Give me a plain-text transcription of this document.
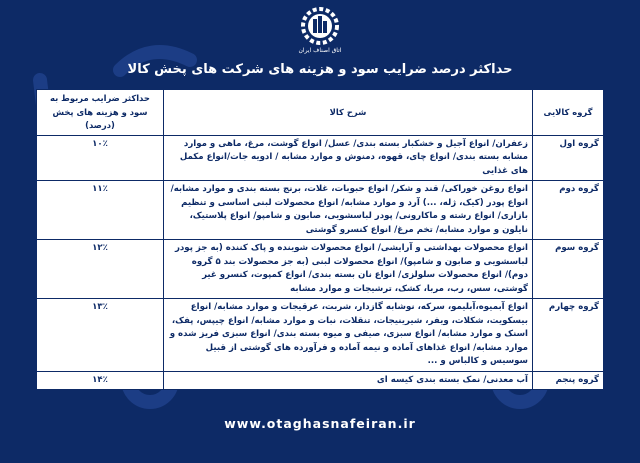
اتاق اصناف ایران
حداکثر درصد ضرایب سود و هزینه های شرکت های پخش کالا
گروه کالایی	شرح کالا	حداکثر ضرایب مربوط به سود و هزینه های پخش (درصد)
گروه اول	زعفران/ انواع آجیل و خشکبار بسته بندی/ عسل/ انواع گوشت، مرغ، ماهی و موارد مشابه بسته بندی/ انواع چای، قهوه، دمنوش و موارد مشابه / ادویه جات/انواع مکمل های غذایی	۱۰٪
گروه دوم	انواع روغن خوراکی/ قند و شکر/ انواع حبوبات، غلات، برنج بسته بندی و موارد مشابه/ انواع پودر (کیک، ژله، ...) آرد و موارد مشابه/ انواع محصولات لبنی اساسی و تنظیم بازاری/ انواع رشته و ماکارونی/ پودر لباسشویی، صابون و شامپو/ انواع پلاستیک، نایلون و موارد مشابه/ تخم مرغ/ انواع کنسرو گوشتی	۱۱٪
گروه سوم	انواع محصولات بهداشتی و آرایشی/ انواع محصولات شوینده و پاک کننده (به جز پودر لباسشویی و صابون و شامپو)/ انواع محصولات لبنی (به جز محصولات بند ۵ گروه دوم)/ انواع محصولات سلولزی/ انواع نان بسته بندی/ انواع کمپوت، کنسرو غیر گوشتی، سس، رب، مربا، کشک، ترشیجات و موارد مشابه	۱۲٪
گروه چهارم	انواع آبمیوه،آبلیمو، سرکه، نوشابه گازدار، شربت، عرقیجات و موارد مشابه/ انواع بیسکویت، شکلات، ویفر، شیرینیجات، تنقلات، نبات و موارد مشابه/ انواع چیپس، پفک، اسنک و موارد مشابه/ انواع سبزی، صیفی و میوه بسته بندی/ انواع سبزی فریز شده و موارد مشابه/ انواع غذاهای آماده و نیمه آماده و فرآورده های گوشتی از قبیل سوسیس و کالباس و ...	۱۳٪
گروه پنجم	آب معدنی/ نمک بسته بندی کیسه ای	۱۴٪
www.otaghasnafeiran.ir
